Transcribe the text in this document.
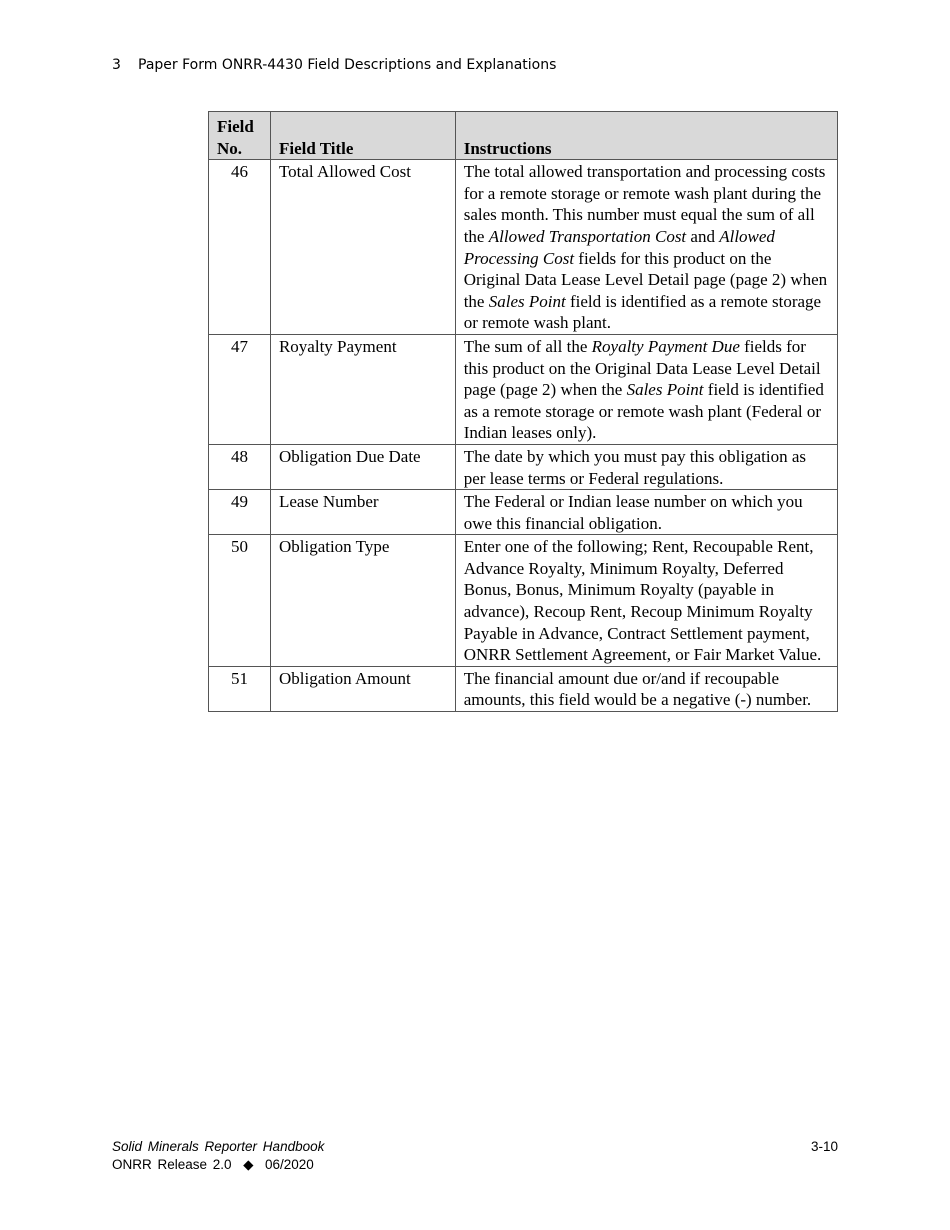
3 Paper Form ONRR-4430 Field Descriptions and Explanations
Field
No.	Field Title	Instructions
46	Total Allowed Cost	The total allowed transportation and processing costs for a remote storage or remote wash plant during the sales month. This number must equal the sum of all the Allowed Transportation Cost and Allowed Processing Cost fields for this product on the Original Data Lease Level Detail page (page 2) when the Sales Point field is identified as a remote storage or remote wash plant.
47	Royalty Payment	The sum of all the Royalty Payment Due fields for this product on the Original Data Lease Level Detail page (page 2) when the Sales Point field is identified as a remote storage or remote wash plant (Federal or Indian leases only).
48	Obligation Due Date	The date by which you must pay this obligation as per lease terms or Federal regulations.
49	Lease Number	The Federal or Indian lease number on which you owe this financial obligation.
50	Obligation Type	Enter one of the following; Rent, Recoupable Rent, Advance Royalty, Minimum Royalty, Deferred Bonus, Bonus, Minimum Royalty (payable in advance), Recoup Rent, Recoup Minimum Royalty Payable in Advance, Contract Settlement payment, ONRR Settlement Agreement, or Fair Market Value.
51	Obligation Amount	The financial amount due or/and if recoupable amounts, this field would be a negative (-) number.
Solid Minerals Reporter Handbook
ONRR Release 2.0 ◆ 06/2020
3-10
